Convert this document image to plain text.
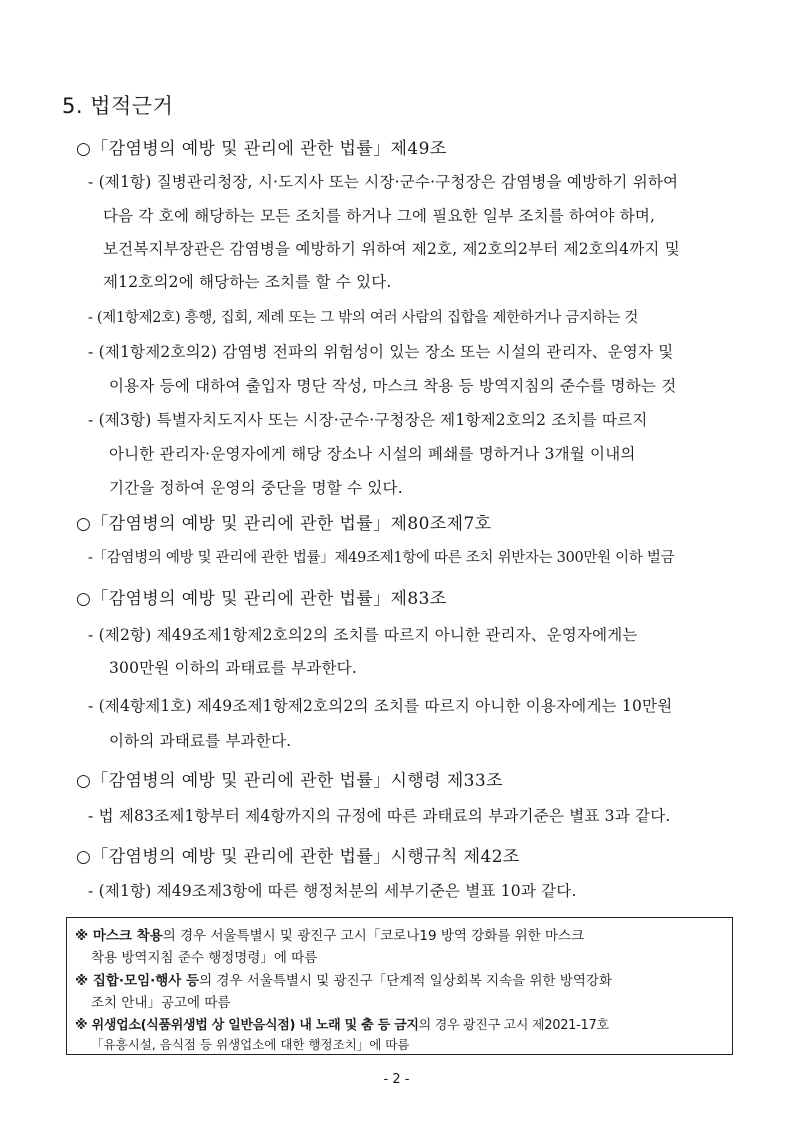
5. 법적근거
○「감염병의 예방 및 관리에 관한 법률」제49조
- (제1항) 질병관리청장, 시·도지사 또는 시장·군수·구청장은 감염병을 예방하기 위하여
다음 각 호에 해당하는 모든 조치를 하거나 그에 필요한 일부 조치를 하여야 하며,
보건복지부장관은 감염병을 예방하기 위하여 제2호, 제2호의2부터 제2호의4까지 및
제12호의2에 해당하는 조치를 할 수 있다.
- (제1항제2호) 흥행, 집회, 제례 또는 그 밖의 여러 사람의 집합을 제한하거나 금지하는 것
- (제1항제2호의2) 감염병 전파의 위험성이 있는 장소 또는 시설의 관리자、운영자 및
이용자 등에 대하여 출입자 명단 작성, 마스크 착용 등 방역지침의 준수를 명하는 것
- (제3항) 특별자치도지사 또는 시장·군수·구청장은 제1항제2호의2 조치를 따르지
아니한 관리자·운영자에게 해당 장소나 시설의 폐쇄를 명하거나 3개월 이내의
기간을 정하여 운영의 중단을 명할 수 있다.
○「감염병의 예방 및 관리에 관한 법률」제80조제7호
-「감염병의 예방 및 관리에 관한 법률」제49조제1항에 따른 조치 위반자는 300만원 이하 벌금
○「감염병의 예방 및 관리에 관한 법률」제83조
- (제2항) 제49조제1항제2호의2의 조치를 따르지 아니한 관리자、운영자에게는
300만원 이하의 과태료를 부과한다.
- (제4항제1호) 제49조제1항제2호의2의 조치를 따르지 아니한 이용자에게는 10만원
이하의 과태료를 부과한다.
○「감염병의 예방 및 관리에 관한 법률」시행령 제33조
- 법 제83조제1항부터 제4항까지의 규정에 따른 과태료의 부과기준은 별표 3과 같다.
○「감염병의 예방 및 관리에 관한 법률」시행규칙 제42조
- (제1항) 제49조제3항에 따른 행정처분의 세부기준은 별표 10과 같다.
※ 마스크 착용의 경우 서울특별시 및 광진구 고시「코로나19 방역 강화를 위한 마스크
착용 방역지침 준수 행정명령」에 따름
※ 집합·모임·행사 등의 경우 서울특별시 및 광진구「단계적 일상회복 지속을 위한 방역강화
조치 안내」공고에 따름
※ 위생업소(식품위생법 상 일반음식점) 내 노래 및 춤 등 금지의 경우 광진구 고시 제2021-17호
「유흥시설, 음식점 등 위생업소에 대한 행정조치」에 따름
- 2 -
